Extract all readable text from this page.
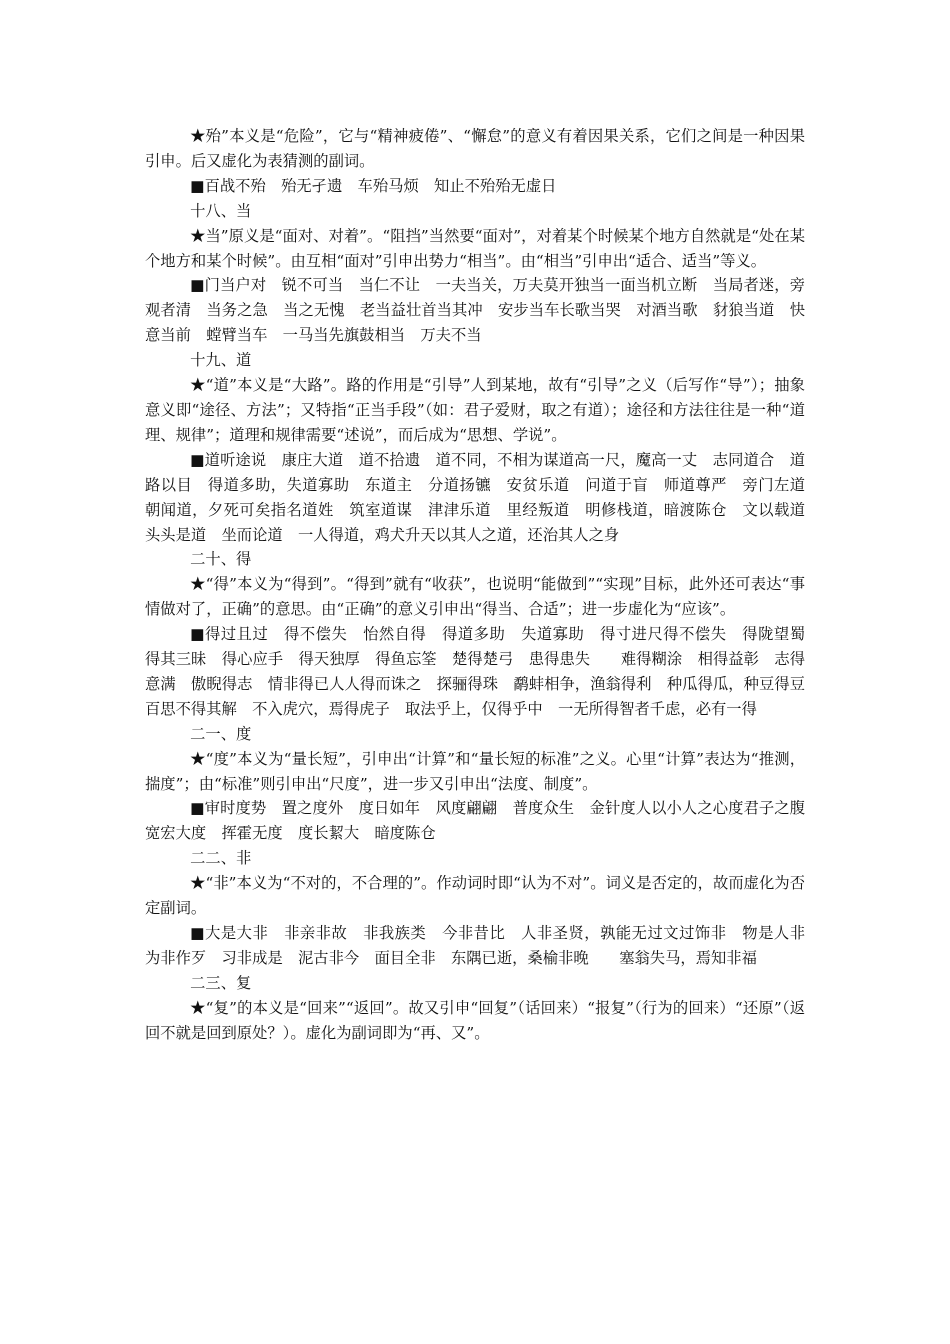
★殆”本义是“危险”，它与“精神疲倦”、“懈怠”的意义有着因果关系，它们之间是一种因果引申。后又虚化为表猜测的副词。

■百战不殆　殆无孑遗　车殆马烦　知止不殆殆无虚日

十八、当

★当”原义是“面对、对着”。“阻挡”当然要“面对”，对着某个时候某个地方自然就是“处在某个地方和某个时候”。由互相“面对”引申出势力“相当”。由“相当”引申出“适合、适当”等义。

■门当户对　锐不可当　当仁不让　一夫当关，万夫莫开独当一面当机立断　当局者迷，旁观者清　当务之急　当之无愧　老当益壮首当其冲　安步当车长歌当哭　对酒当歌　豺狼当道　快意当前　螳臂当车　一马当先旗鼓相当　万夫不当

十九、道

★“道”本义是“大路”。路的作用是“引导”人到某地，故有“引导”之义（后写作“导”）；抽象意义即“途径、方法”；又特指“正当手段”（如：君子爱财，取之有道）；途径和方法往往是一种“道理、规律”；道理和规律需要“述说”，而后成为“思想、学说”。

■道听途说　康庄大道　道不拾遗　道不同，不相为谋道高一尺，魔高一丈　志同道合　道路以目　得道多助，失道寡助　东道主　分道扬镳　安贫乐道　问道于盲　师道尊严　旁门左道　朝闻道，夕死可矣指名道姓　筑室道谋　津津乐道　里经叛道　明修栈道，暗渡陈仓　文以载道　头头是道　坐而论道　一人得道，鸡犬升天以其人之道，还治其人之身

二十、得

★“得”本义为“得到”。“得到”就有“收获”，也说明“能做到”“实现”目标，此外还可表达“事情做对了，正确”的意思。由“正确”的意义引申出“得当、合适”；进一步虚化为“应该”。

■得过且过　得不偿失　怡然自得　得道多助　失道寡助　得寸进尺得不偿失　得陇望蜀　得其三昧　得心应手　得天独厚　得鱼忘筌　楚得楚弓　患得患失　　难得糊涂　相得益彰　志得意满　傲睨得志　情非得已人人得而诛之　探骊得珠　鹬蚌相争，渔翁得利　种瓜得瓜，种豆得豆　百思不得其解　不入虎穴，焉得虎子　取法乎上，仅得乎中　一无所得智者千虑，必有一得

二一、度

★“度”本义为“量长短”，引申出“计算”和“量长短的标准”之义。心里“计算”表达为“推测，揣度”；由“标准”则引申出“尺度”，进一步又引申出“法度、制度”。

■审时度势　置之度外　度日如年　风度翩翩　普度众生　金针度人以小人之心度君子之腹　宽宏大度　挥霍无度　度长絜大　暗度陈仓

二二、非

★“非”本义为“不对的，不合理的”。作动词时即“认为不对”。词义是否定的，故而虚化为否定副词。

■大是大非　非亲非故　非我族类　今非昔比　人非圣贤，孰能无过文过饰非　物是人非　为非作歹　习非成是　泥古非今　面目全非　东隅已逝，桑榆非晚　　塞翁失马，焉知非福

二三、复

★“复”的本义是“回来”“返回”。故又引申“回复”（话回来）“报复”（行为的回来）“还原”（返回不就是回到原处？）。虚化为副词即为“再、又”。
